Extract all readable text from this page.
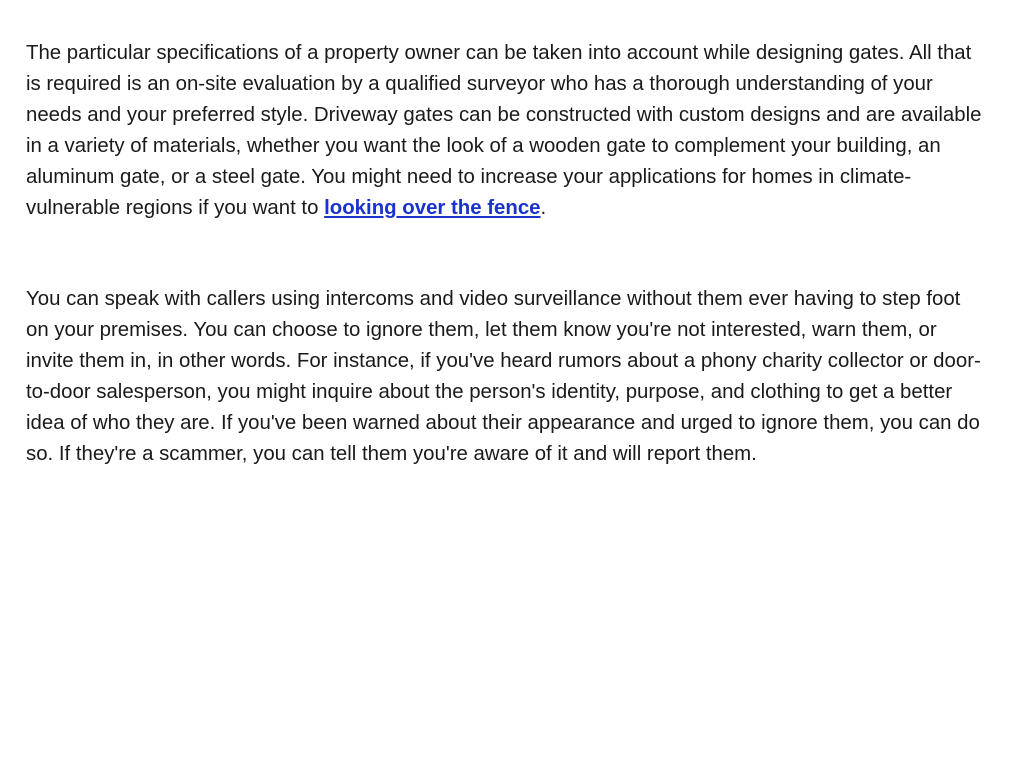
The particular specifications of a property owner can be taken into account while designing gates. All that is required is an on-site evaluation by a qualified surveyor who has a thorough understanding of your needs and your preferred style. Driveway gates can be constructed with custom designs and are available in a variety of materials, whether you want the look of a wooden gate to complement your building, an aluminum gate, or a steel gate. You might need to increase your applications for homes in climate-vulnerable regions if you want to looking over the fence.

You can speak with callers using intercoms and video surveillance without them ever having to step foot on your premises. You can choose to ignore them, let them know you're not interested, warn them, or invite them in, in other words. For instance, if you've heard rumors about a phony charity collector or door-to-door salesperson, you might inquire about the person's identity, purpose, and clothing to get a better idea of who they are. If you've been warned about their appearance and urged to ignore them, you can do so. If they're a scammer, you can tell them you're aware of it and will report them.
